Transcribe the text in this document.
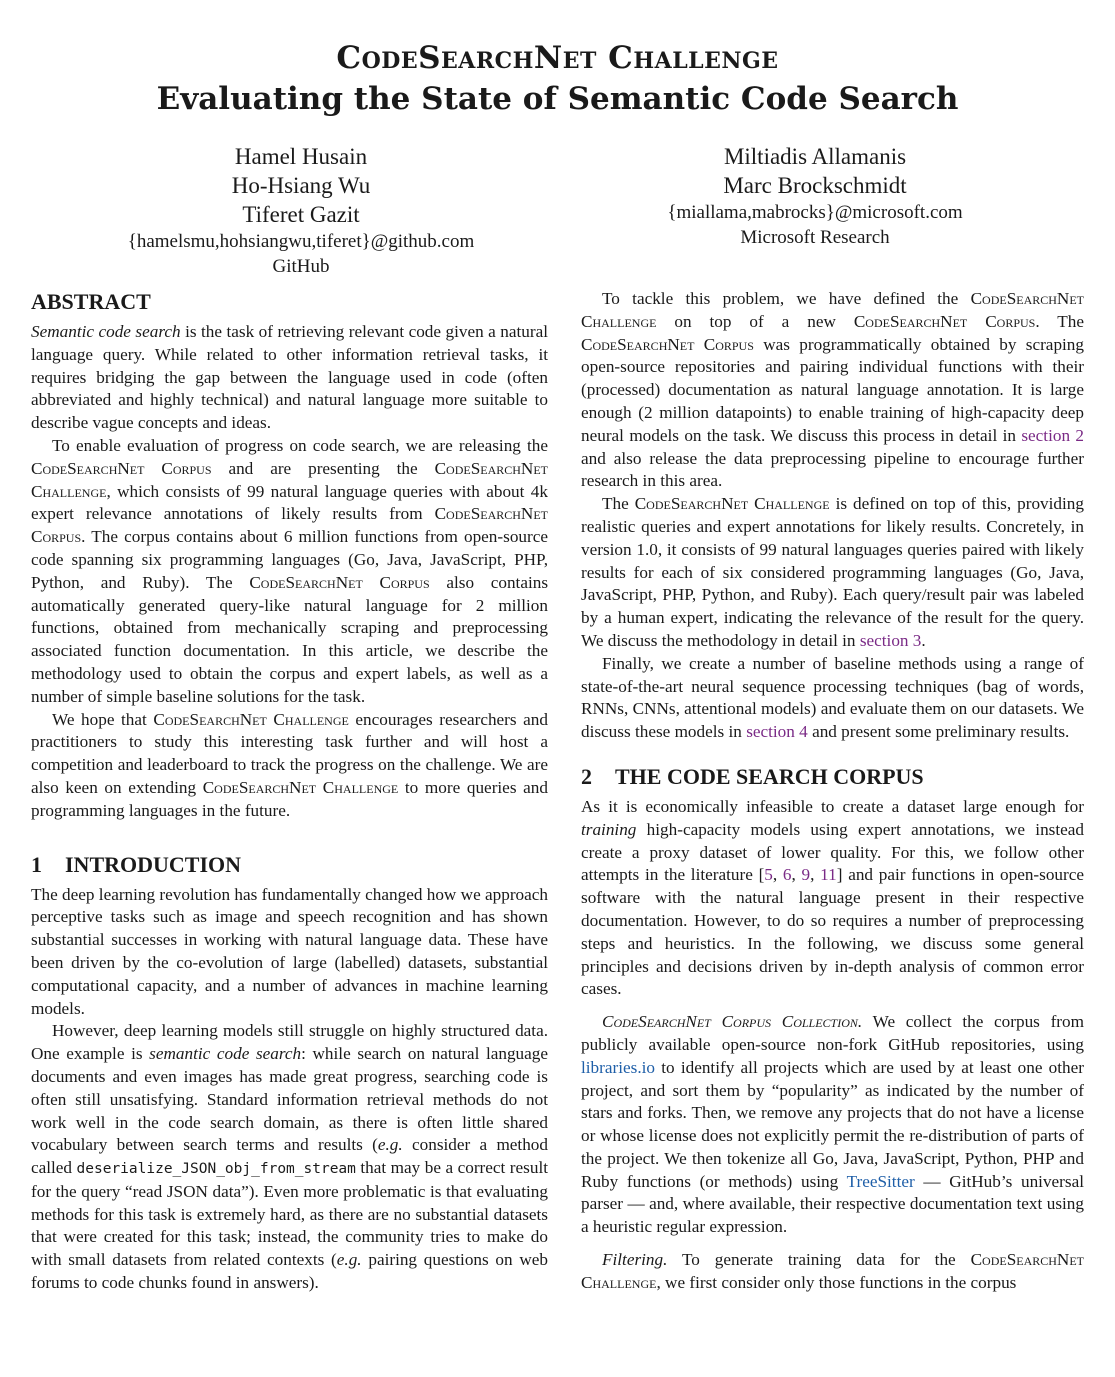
CodeSearchNet Challenge
Evaluating the State of Semantic Code Search
Hamel Husain
Ho-Hsiang Wu
Tiferet Gazit
{hamelsmu,hohsiangwu,tiferet}@github.com
GitHub
Miltiadis Allamanis
Marc Brockschmidt
{miallama,mabrocks}@microsoft.com
Microsoft Research
ABSTRACT

Semantic code search is the task of retrieving relevant code given a natural language query. While related to other information retrieval tasks, it requires bridging the gap between the language used in code (often abbreviated and highly technical) and natural language more suitable to describe vague concepts and ideas.

To enable evaluation of progress on code search, we are releasing the CodeSearchNet Corpus and are presenting the CodeSearchNet Challenge, which consists of 99 natural language queries with about 4k expert relevance annotations of likely results from CodeSearchNet Corpus. The corpus contains about 6 million functions from open-source code spanning six programming languages (Go, Java, JavaScript, PHP, Python, and Ruby). The CodeSearchNet Corpus also contains automatically generated query-like natural language for 2 million functions, obtained from mechanically scraping and preprocessing associated function documentation. In this article, we describe the methodology used to obtain the corpus and expert labels, as well as a number of simple baseline solutions for the task.

We hope that CodeSearchNet Challenge encourages researchers and practitioners to study this interesting task further and will host a competition and leaderboard to track the progress on the challenge. We are also keen on extending CodeSearchNet Challenge to more queries and programming languages in the future.

1 INTRODUCTION

The deep learning revolution has fundamentally changed how we approach perceptive tasks such as image and speech recognition and has shown substantial successes in working with natural language data. These have been driven by the co-evolution of large (labelled) datasets, substantial computational capacity, and a number of advances in machine learning models.

However, deep learning models still struggle on highly structured data. One example is semantic code search: while search on natural language documents and even images has made great progress, searching code is often still unsatisfying. Standard information retrieval methods do not work well in the code search domain, as there is often little shared vocabulary between search terms and results (e.g. consider a method called deserialize_JSON_obj_from_stream that may be a correct result for the query “read JSON data”). Even more problematic is that evaluating methods for this task is extremely hard, as there are no substantial datasets that were created for this task; instead, the community tries to make do with small datasets from related contexts (e.g. pairing questions on web forums to code chunks found in answers).

To tackle this problem, we have defined the CodeSearchNet Challenge on top of a new CodeSearchNet Corpus. The CodeSearchNet Corpus was programmatically obtained by scraping open-source repositories and pairing individual functions with their (processed) documentation as natural language annotation. It is large enough (2 million datapoints) to enable training of high-capacity deep neural models on the task. We discuss this process in detail in section 2 and also release the data preprocessing pipeline to encourage further research in this area.

The CodeSearchNet Challenge is defined on top of this, providing realistic queries and expert annotations for likely results. Concretely, in version 1.0, it consists of 99 natural languages queries paired with likely results for each of six considered programming languages (Go, Java, JavaScript, PHP, Python, and Ruby). Each query/result pair was labeled by a human expert, indicating the relevance of the result for the query. We discuss the methodology in detail in section 3.

Finally, we create a number of baseline methods using a range of state-of-the-art neural sequence processing techniques (bag of words, RNNs, CNNs, attentional models) and evaluate them on our datasets. We discuss these models in section 4 and present some preliminary results.

2 THE CODE SEARCH CORPUS

As it is economically infeasible to create a dataset large enough for training high-capacity models using expert annotations, we instead create a proxy dataset of lower quality. For this, we follow other attempts in the literature [5, 6, 9, 11] and pair functions in open-source software with the natural language present in their respective documentation. However, to do so requires a number of preprocessing steps and heuristics. In the following, we discuss some general principles and decisions driven by in-depth analysis of common error cases.

CodeSearchNet Corpus Collection. We collect the corpus from publicly available open-source non-fork GitHub repositories, using libraries.io to identify all projects which are used by at least one other project, and sort them by “popularity” as indicated by the number of stars and forks. Then, we remove any projects that do not have a license or whose license does not explicitly permit the re-distribution of parts of the project. We then tokenize all Go, Java, JavaScript, Python, PHP and Ruby functions (or methods) using TreeSitter — GitHub’s universal parser — and, where available, their respective documentation text using a heuristic regular expression.

Filtering. To generate training data for the CodeSearchNet Challenge, we first consider only those functions in the corpus
